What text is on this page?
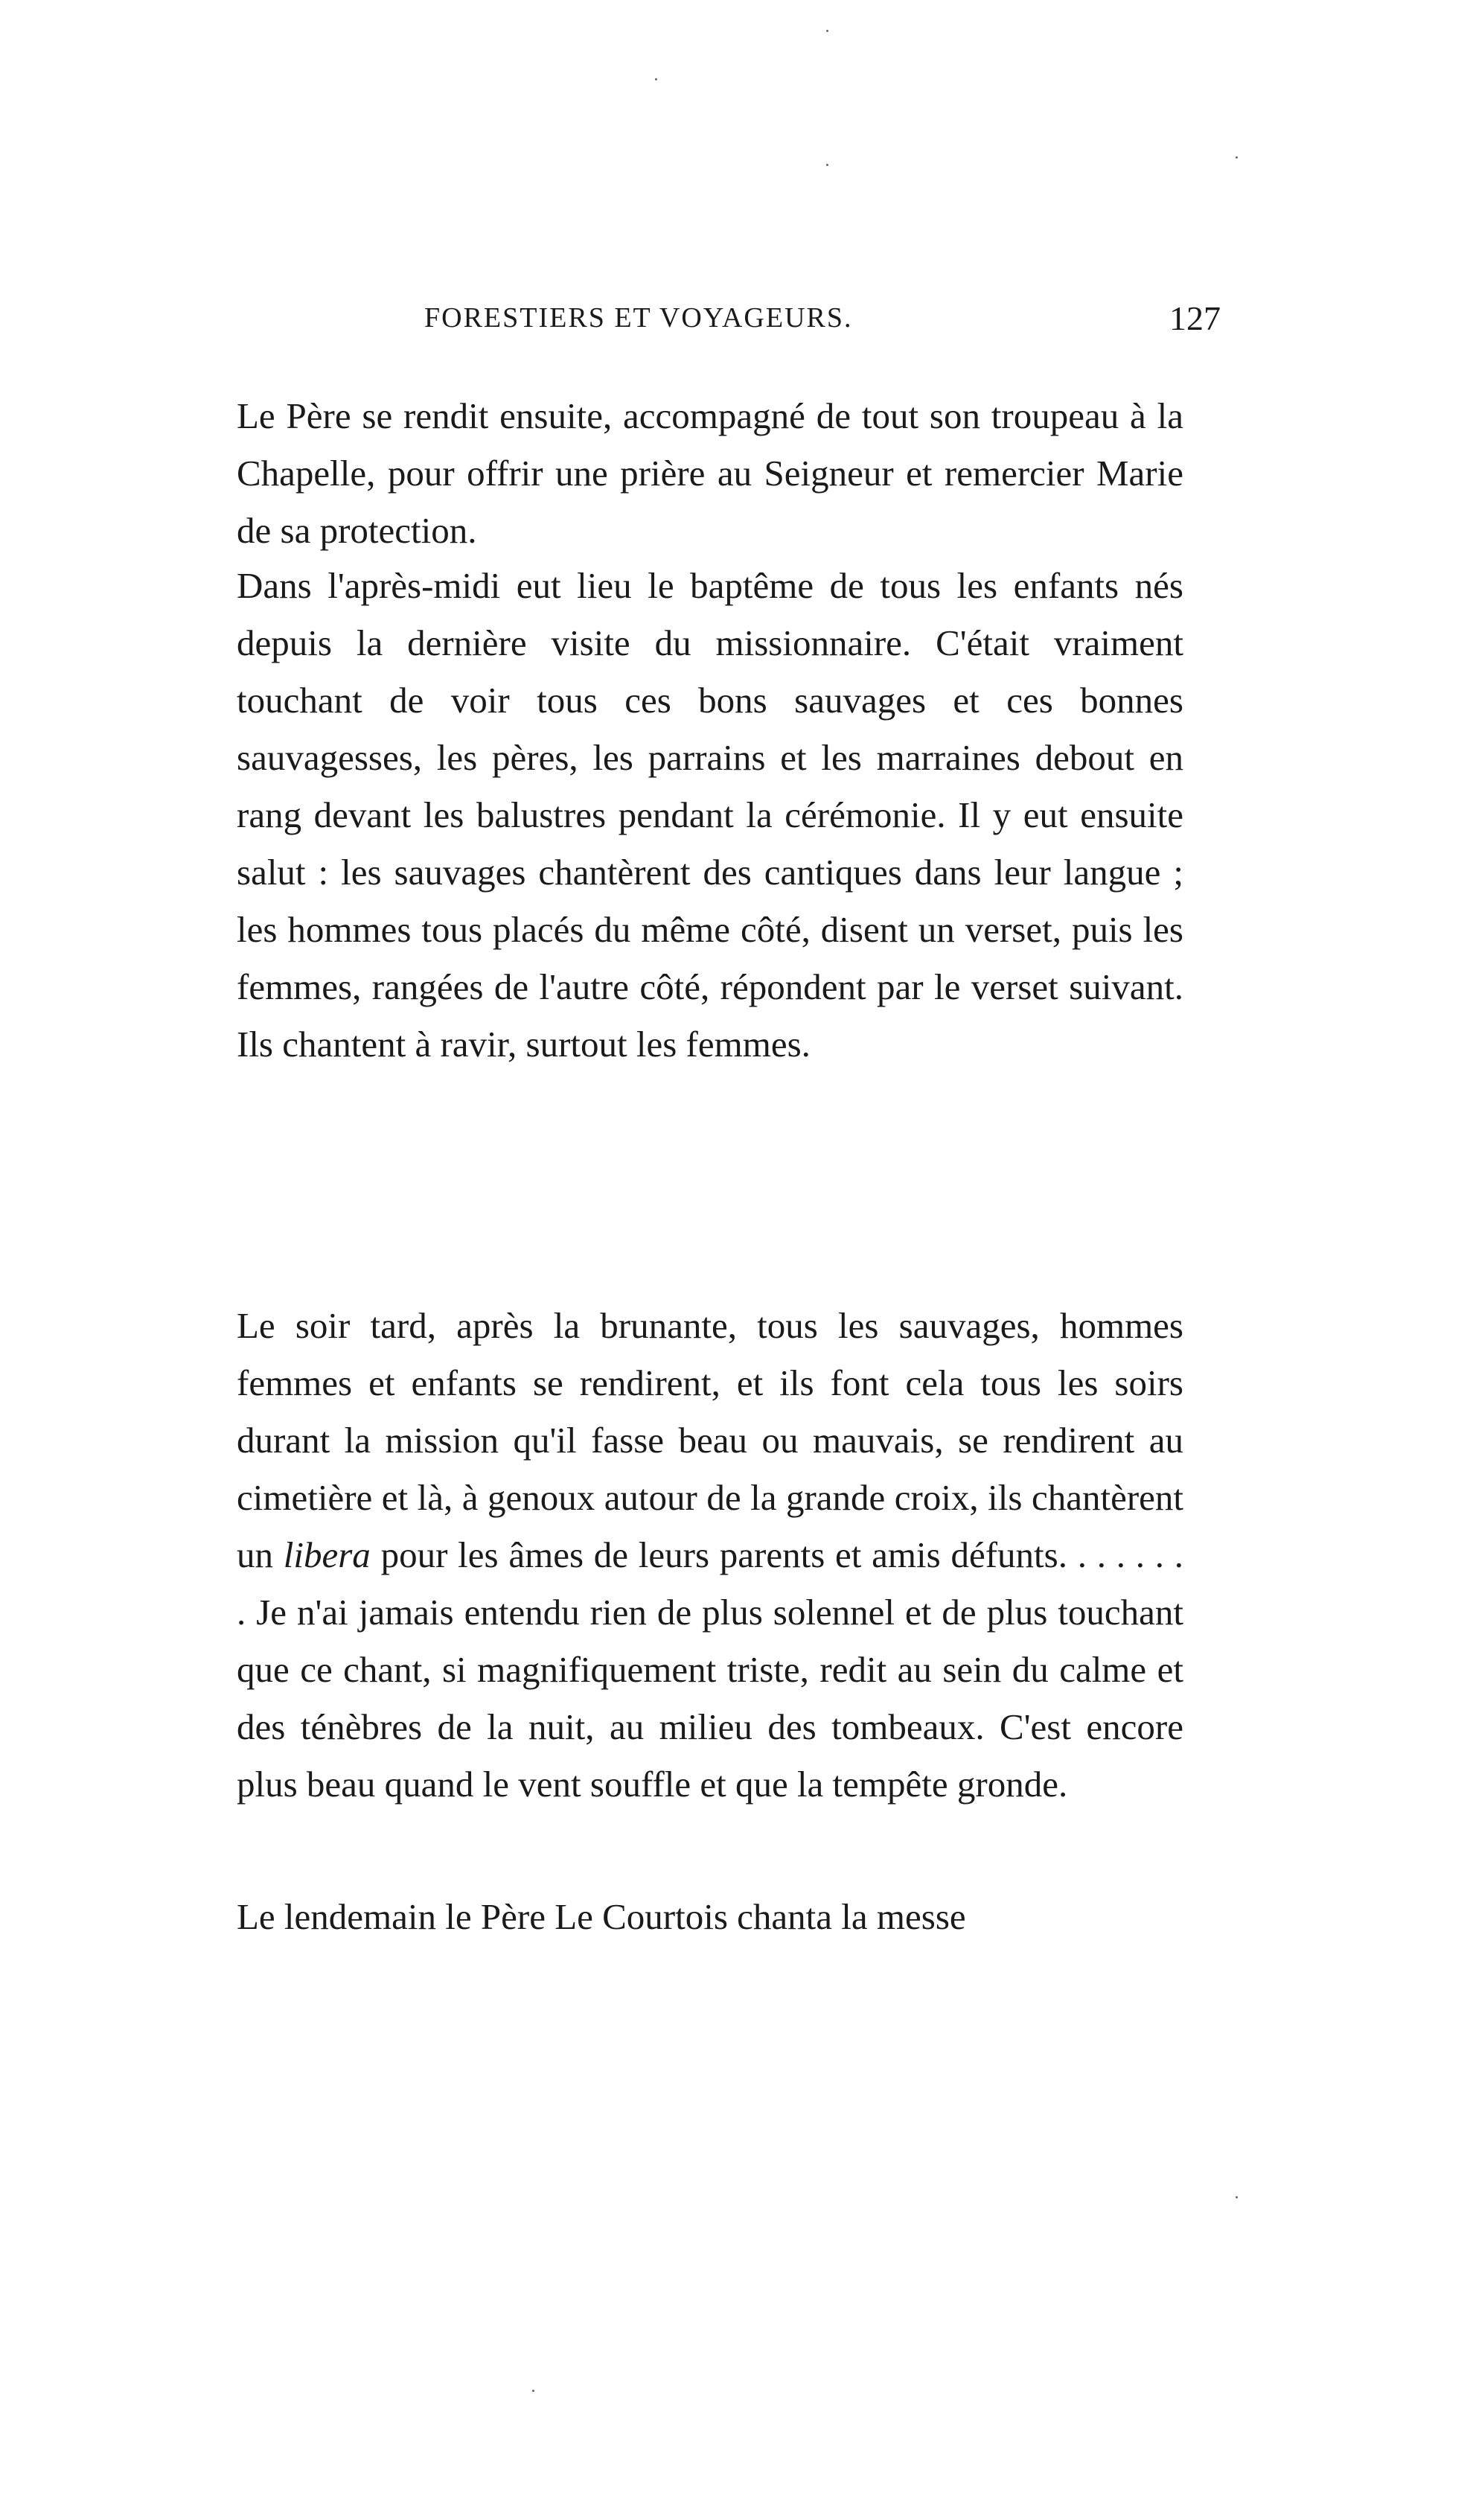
FORESTIERS ET VOYAGEURS.	127

Le Père se rendit ensuite, accompagné de tout son troupeau à la Chapelle, pour offrir une prière au Seigneur et remercier Marie de sa protection.

Dans l'après-midi eut lieu le baptême de tous les enfants nés depuis la dernière visite du missionnaire. C'était vraiment touchant de voir tous ces bons sauvages et ces bonnes sauvagesses, les pères, les parrains et les marraines debout en rang devant les balustres pendant la cérémonie. Il y eut ensuite salut : les sauvages chantèrent des cantiques dans leur langue ; les hommes tous placés du même côté, disent un verset, puis les femmes, rangées de l'autre côté, répondent par le verset suivant. Ils chantent à ravir, surtout les femmes.

Le soir tard, après la brunante, tous les sauvages, hommes femmes et enfants se rendirent, et ils font cela tous les soirs durant la mission qu'il fasse beau ou mauvais, se rendirent au cimetière et là, à genoux autour de la grande croix, ils chantèrent un libera pour les âmes de leurs parents et amis défunts. . . . . . . . Je n'ai jamais entendu rien de plus solennel et de plus touchant que ce chant, si magnifiquement triste, redit au sein du calme et des ténèbres de la nuit, au milieu des tombeaux. C'est encore plus beau quand le vent souffle et que la tempête gronde.

Le lendemain le Père Le Courtois chanta la messe
